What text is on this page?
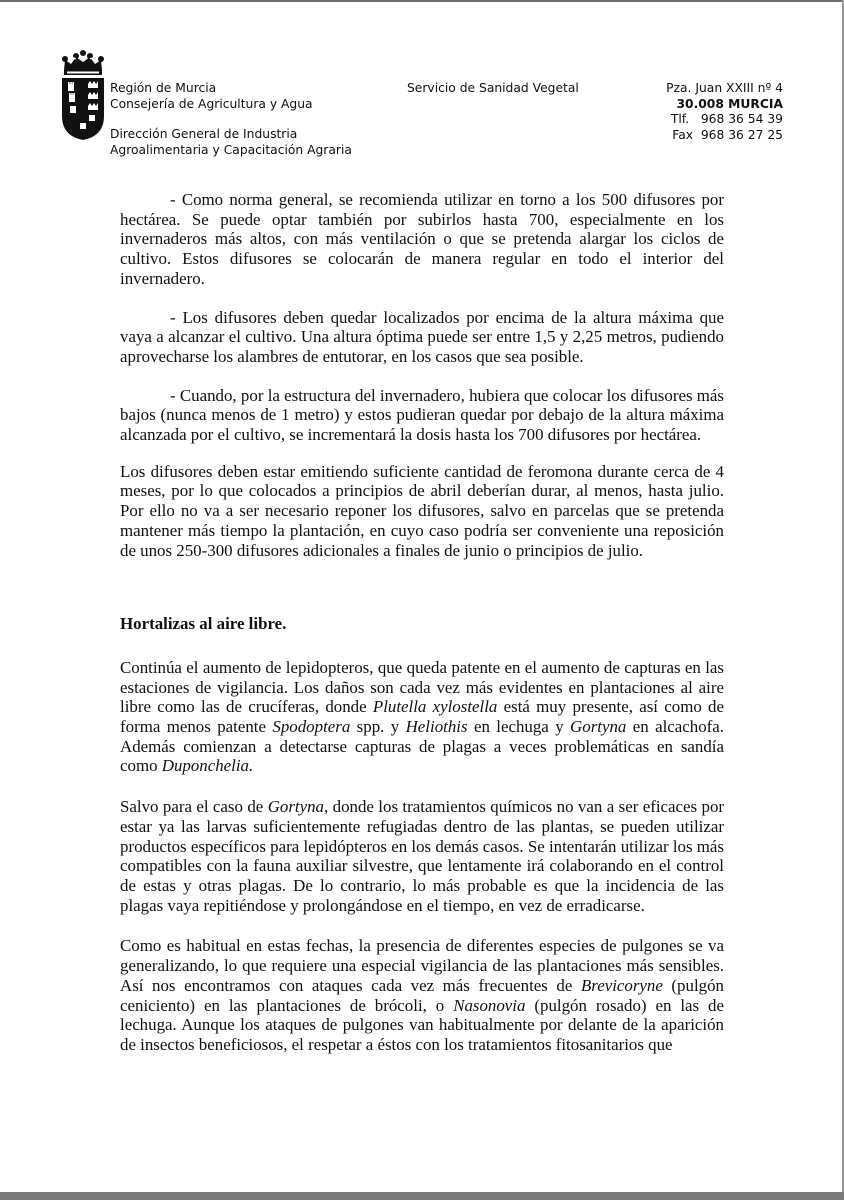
Región de Murcia
Consejería de Agricultura y Agua
Dirección General de Industria
Agroalimentaria y Capacitación Agraria
Servicio de Sanidad Vegetal	Pza. Juan XXIII nº 4
30.008 MURCIA
Tlf.   968 36 54 39
Fax  968 36 27 25

- Como norma general, se recomienda utilizar en torno a los 500 difusores por hectárea. Se puede optar también por subirlos hasta 700, especialmente en los invernaderos más altos, con más ventilación o que se pretenda alargar los ciclos de cultivo. Estos difusores se colocarán de manera regular en todo el interior del invernadero.

- Los difusores deben quedar localizados por encima de la altura máxima que vaya a alcanzar el cultivo. Una altura óptima puede ser entre 1,5 y 2,25 metros, pudiendo aprovecharse los alambres de entutorar, en los casos que sea posible.

- Cuando, por la estructura del invernadero, hubiera que colocar los difusores más bajos (nunca menos de 1 metro) y estos pudieran quedar por debajo de la altura máxima alcanzada por el cultivo, se incrementará la dosis hasta los 700 difusores por hectárea.

Los difusores deben estar emitiendo suficiente cantidad de feromona durante cerca de 4 meses, por lo que colocados a principios de abril deberían durar, al menos, hasta julio. Por ello no va a ser necesario reponer los difusores, salvo en parcelas que se pretenda mantener más tiempo la plantación, en cuyo caso podría ser conveniente una reposición de unos 250-300 difusores adicionales a finales de junio o principios de julio.

Hortalizas al aire libre.

Continúa el aumento de lepidopteros, que queda patente en el aumento de capturas en las estaciones de vigilancia. Los daños son cada vez más evidentes en plantaciones al aire libre como las de crucíferas, donde Plutella xylostella está muy presente, así como de forma menos patente Spodoptera spp. y Heliothis en lechuga y Gortyna en alcachofa. Además comienzan a detectarse capturas de plagas a veces problemáticas en sandía como Duponchelia.

Salvo para el caso de Gortyna, donde los tratamientos químicos no van a ser eficaces por estar ya las larvas suficientemente refugiadas dentro de las plantas, se pueden utilizar productos específicos para lepidópteros en los demás casos. Se intentarán utilizar los más compatibles con la fauna auxiliar silvestre, que lentamente irá colaborando en el control de estas y otras plagas. De lo contrario, lo más probable es que la incidencia de las plagas vaya repitiéndose y prolongándose en el tiempo, en vez de erradicarse.

Como es habitual en estas fechas, la presencia de diferentes especies de pulgones se va generalizando, lo que requiere una especial vigilancia de las plantaciones más sensibles. Así nos encontramos con ataques cada vez más frecuentes de Brevicoryne (pulgón ceniciento) en las plantaciones de brócoli, o Nasonovia (pulgón rosado) en las de lechuga. Aunque los ataques de pulgones van habitualmente por delante de la aparición de insectos beneficiosos, el respetar a éstos con los tratamientos fitosanitarios que
